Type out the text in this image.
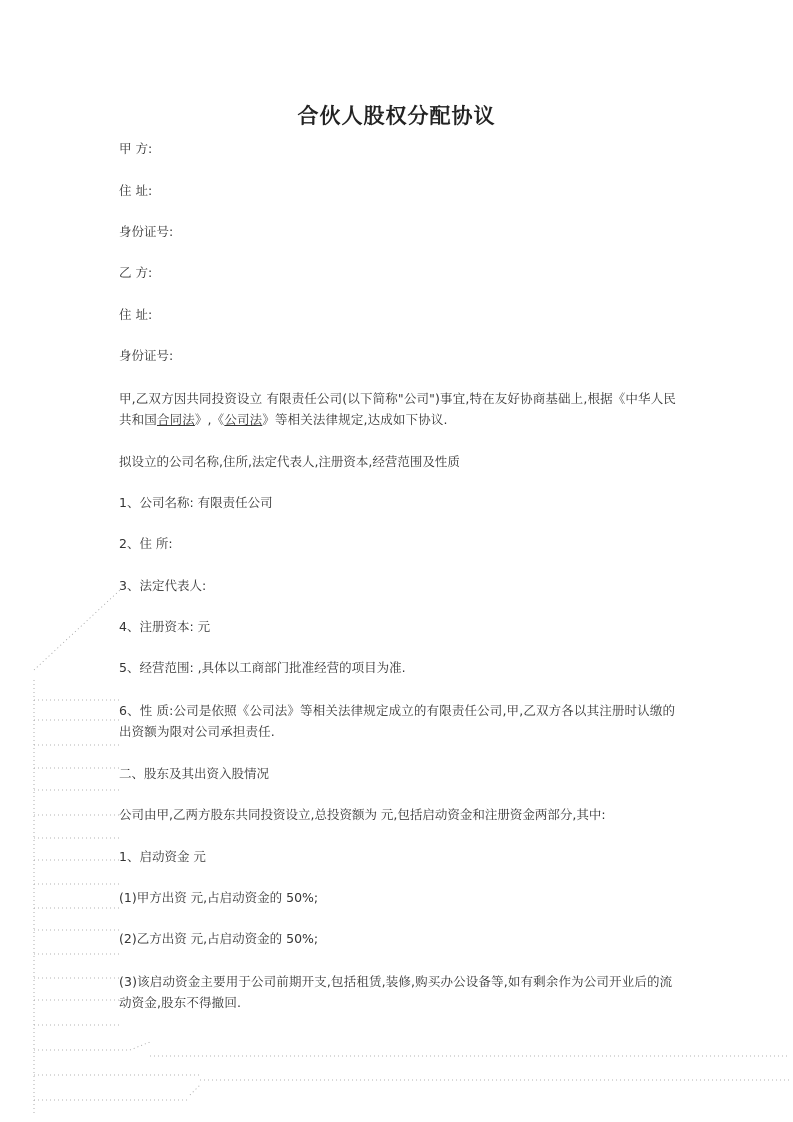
合伙人股权分配协议

甲 方:

住 址:

身份证号:

乙 方:

住 址:

身份证号:

甲,乙双方因共同投资设立 有限责任公司(以下简称"公司")事宜,特在友好协商基础上,根据《中华人民共和国合同法》,《公司法》等相关法律规定,达成如下协议.

拟设立的公司名称,住所,法定代表人,注册资本,经营范围及性质

1、公司名称: 有限责任公司

2、住 所:

3、法定代表人:

4、注册资本: 元

5、经营范围: ,具体以工商部门批准经营的项目为准.

6、性 质:公司是依照《公司法》等相关法律规定成立的有限责任公司,甲,乙双方各以其注册时认缴的出资额为限对公司承担责任.

二、股东及其出资入股情况

公司由甲,乙两方股东共同投资设立,总投资额为 元,包括启动资金和注册资金两部分,其中:

1、启动资金 元

(1)甲方出资 元,占启动资金的 50%;

(2)乙方出资 元,占启动资金的 50%;

(3)该启动资金主要用于公司前期开支,包括租赁,装修,购买办公设备等,如有剩余作为公司开业后的流动资金,股东不得撤回.
